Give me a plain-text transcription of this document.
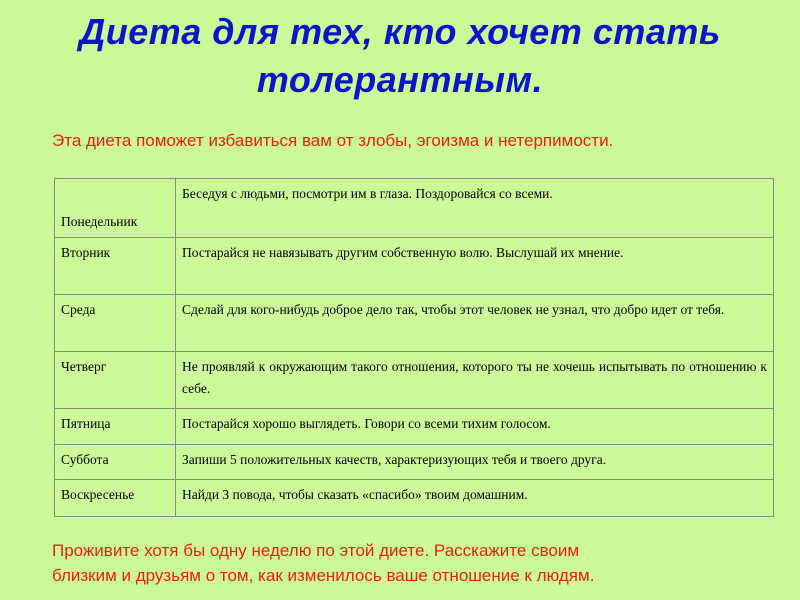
Диета для тех, кто хочет стать
толерантным.
Эта диета поможет избавиться вам от злобы, эгоизма и нетерпимости.
Понедельник	Беседуя с людьми, посмотри им в глаза. Поздоровайся со всеми.
Вторник	Постарайся не навязывать другим собственную волю. Выслушай их мнение.
Среда	Сделай для кого-нибудь доброе дело так, чтобы этот человек не узнал, что добро идет от тебя.
Четверг	Не проявляй к окружающим такого отношения, которого ты не хочешь испытывать по отношению к себе.
Пятница	Постарайся хорошо выглядеть. Говори со всеми тихим голосом.
Суббота	Запиши 5 положительных качеств, характеризующих тебя и твоего друга.
Воскресенье	Найди 3 повода, чтобы сказать «спасибо» твоим домашним.
Проживите хотя бы одну неделю по этой диете. Расскажите своим
близким и друзьям о том, как изменилось ваше отношение к людям.
